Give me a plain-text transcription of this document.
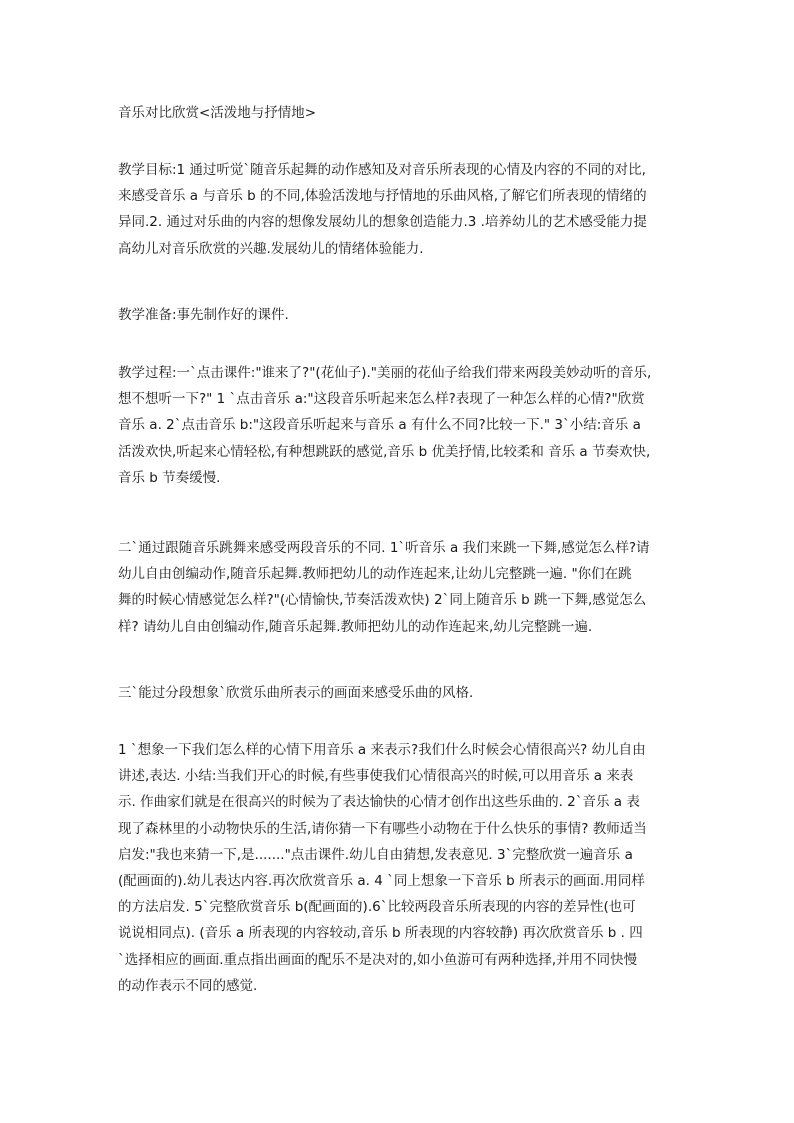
音乐对比欣赏<活泼地与抒情地>
教学目标:1 通过听觉`随音乐起舞的动作感知及对音乐所表现的心情及内容的不同的对比,
来感受音乐 a 与音乐 b 的不同,体验活泼地与抒情地的乐曲风格,了解它们所表现的情绪的
异同.2. 通过对乐曲的内容的想像发展幼儿的想象创造能力.3 .培养幼儿的艺术感受能力提
高幼儿对音乐欣赏的兴趣.发展幼儿的情绪体验能力.
教学准备:事先制作好的课件.
教学过程:一`点击课件:"谁来了?"(花仙子)."美丽的花仙子给我们带来两段美妙动听的音乐,
想不想听一下?" 1 `点击音乐 a:"这段音乐听起来怎么样?表现了一种怎么样的心情?"欣赏
音乐 a. 2`点击音乐 b:"这段音乐听起来与音乐 a 有什么不同?比较一下." 3`小结:音乐 a
活泼欢快,听起来心情轻松,有种想跳跃的感觉,音乐 b 优美抒情,比较柔和 音乐 a 节奏欢快,
音乐 b 节奏缓慢.
二`通过跟随音乐跳舞来感受两段音乐的不同. 1`听音乐 a 我们来跳一下舞,感觉怎么样?请
幼儿自由创编动作,随音乐起舞.教师把幼儿的动作连起来,让幼儿完整跳一遍. "你们在跳
舞的时候心情感觉怎么样?"(心情愉快,节奏活泼欢快) 2`同上随音乐 b 跳一下舞,感觉怎么
样? 请幼儿自由创编动作,随音乐起舞.教师把幼儿的动作连起来,幼儿完整跳一遍.
三`能过分段想象`欣赏乐曲所表示的画面来感受乐曲的风格.
1 `想象一下我们怎么样的心情下用音乐 a 来表示?我们什么时候会心情很高兴? 幼儿自由
讲述,表达. 小结:当我们开心的时候,有些事使我们心情很高兴的时候,可以用音乐 a 来表
示. 作曲家们就是在很高兴的时候为了表达愉快的心情才创作出这些乐曲的. 2`音乐 a 表
现了森林里的小动物快乐的生活,请你猜一下有哪些小动物在于什么快乐的事情? 教师适当
启发:"我也来猜一下,是......."点击课件.幼儿自由猜想,发表意见. 3`完整欣赏一遍音乐 a
(配画面的).幼儿表达内容.再次欣赏音乐 a. 4 `同上想象一下音乐 b 所表示的画面.用同样
的方法启发. 5`完整欣赏音乐 b(配画面的).6`比较两段音乐所表现的内容的差异性(也可
说说相同点). (音乐 a 所表现的内容较动,音乐 b 所表现的内容较静) 再次欣赏音乐 b . 四
`选择相应的画面.重点指出画面的配乐不是决对的,如小鱼游可有两种选择,并用不同快慢
的动作表示不同的感觉.
